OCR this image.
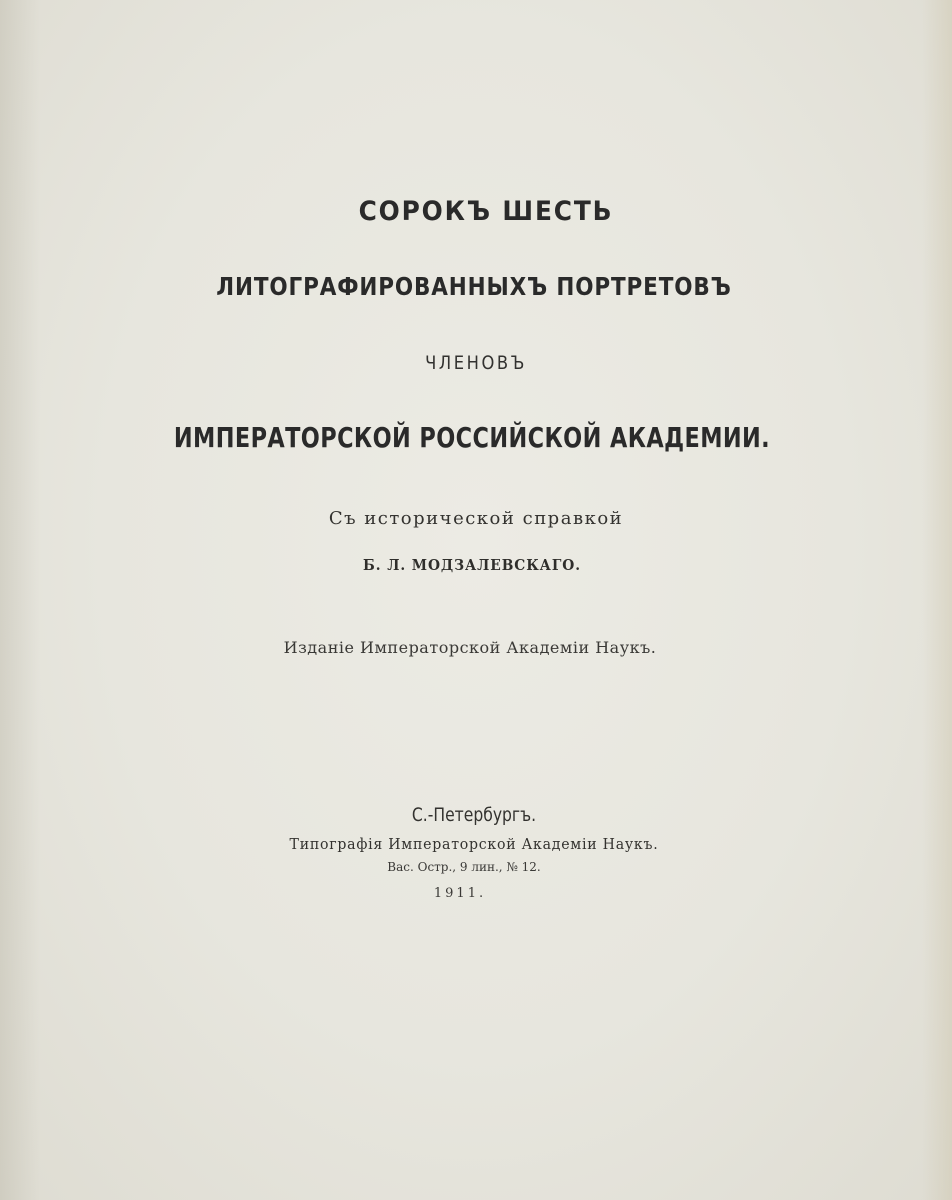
СОРОКЪ ШЕСТЬ
ЛИТОГРАФИРОВАННЫХЪ ПОРТРЕТОВЪ
ЧЛЕНОВЪ
ИМПЕРАТОРСКОЙ РОССИЙСКОЙ АКАДЕМИИ.
Съ исторической справкой
Б. Л. МОДЗАЛЕВСКАГО.
Изданіе Императорской Академіи Наукъ.
С.-Петербургъ.
Типографія Императорской Академіи Наукъ.
Вас. Остр., 9 лин., № 12.
1911.
